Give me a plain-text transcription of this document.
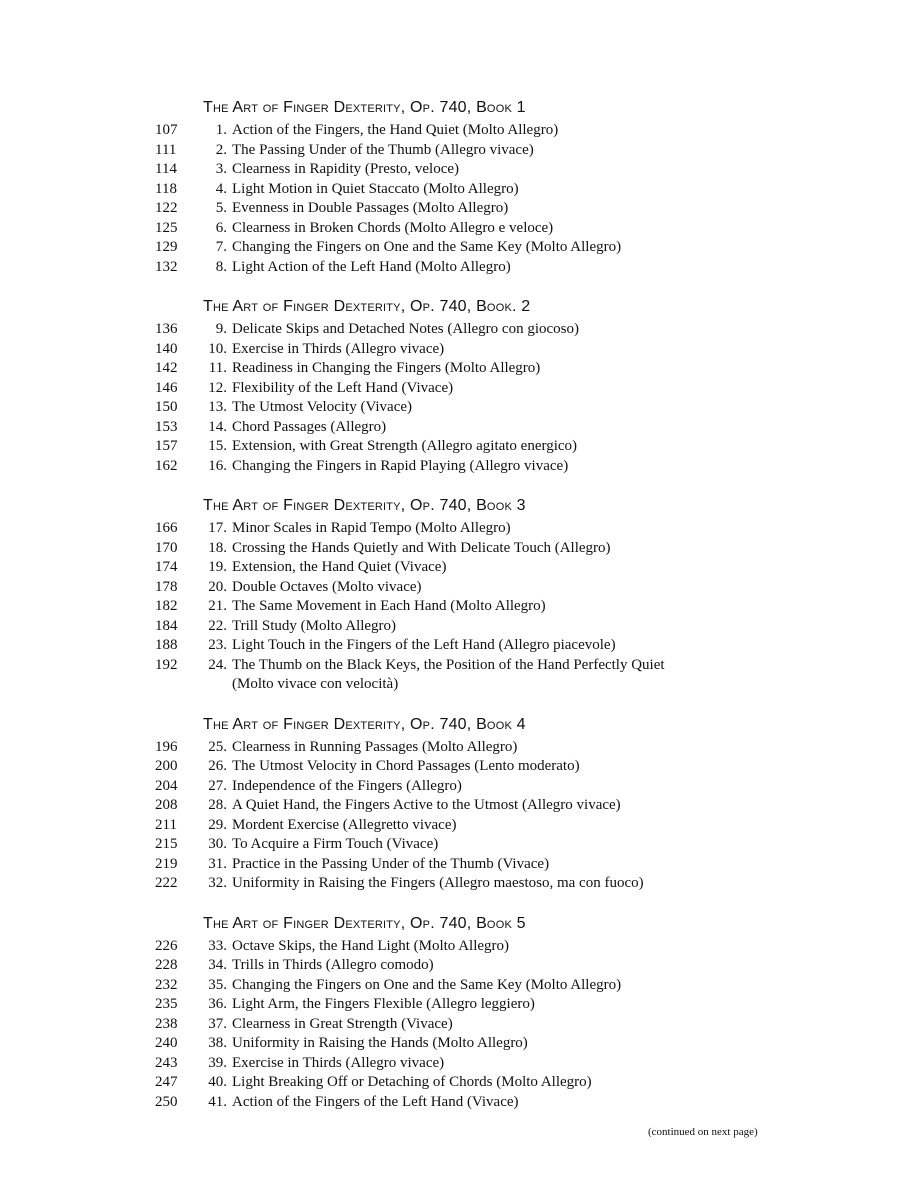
The Art of Finger Dexterity, Op. 740, Book 1
107	1. Action of the Fingers, the Hand Quiet (Molto Allegro)
111	2. The Passing Under of the Thumb (Allegro vivace)
114	3. Clearness in Rapidity (Presto, veloce)
118	4. Light Motion in Quiet Staccato (Molto Allegro)
122	5. Evenness in Double Passages (Molto Allegro)
125	6. Clearness in Broken Chords (Molto Allegro e veloce)
129	7. Changing the Fingers on One and the Same Key (Molto Allegro)
132	8. Light Action of the Left Hand (Molto Allegro)
The Art of Finger Dexterity, Op. 740, Book. 2
136	9. Delicate Skips and Detached Notes (Allegro con giocoso)
140	10. Exercise in Thirds (Allegro vivace)
142	11. Readiness in Changing the Fingers (Molto Allegro)
146	12. Flexibility of the Left Hand (Vivace)
150	13. The Utmost Velocity (Vivace)
153	14. Chord Passages (Allegro)
157	15. Extension, with Great Strength (Allegro agitato energico)
162	16. Changing the Fingers in Rapid Playing (Allegro vivace)
The Art of Finger Dexterity, Op. 740, Book 3
166	17. Minor Scales in Rapid Tempo (Molto Allegro)
170	18. Crossing the Hands Quietly and With Delicate Touch (Allegro)
174	19. Extension, the Hand Quiet (Vivace)
178	20. Double Octaves (Molto vivace)
182	21. The Same Movement in Each Hand (Molto Allegro)
184	22. Trill Study (Molto Allegro)
188	23. Light Touch in the Fingers of the Left Hand (Allegro piacevole)
192	24. The Thumb on the Black Keys, the Position of the Hand Perfectly Quiet
(Molto vivace con velocità)
The Art of Finger Dexterity, Op. 740, Book 4
196	25. Clearness in Running Passages (Molto Allegro)
200	26. The Utmost Velocity in Chord Passages (Lento moderato)
204	27. Independence of the Fingers (Allegro)
208	28. A Quiet Hand, the Fingers Active to the Utmost (Allegro vivace)
211	29. Mordent Exercise (Allegretto vivace)
215	30. To Acquire a Firm Touch (Vivace)
219	31. Practice in the Passing Under of the Thumb (Vivace)
222	32. Uniformity in Raising the Fingers (Allegro maestoso, ma con fuoco)
The Art of Finger Dexterity, Op. 740, Book 5
226	33. Octave Skips, the Hand Light (Molto Allegro)
228	34. Trills in Thirds (Allegro comodo)
232	35. Changing the Fingers on One and the Same Key (Molto Allegro)
235	36. Light Arm, the Fingers Flexible (Allegro leggiero)
238	37. Clearness in Great Strength (Vivace)
240	38. Uniformity in Raising the Hands (Molto Allegro)
243	39. Exercise in Thirds (Allegro vivace)
247	40. Light Breaking Off or Detaching of Chords (Molto Allegro)
250	41. Action of the Fingers of the Left Hand (Vivace)
(continued on next page)
